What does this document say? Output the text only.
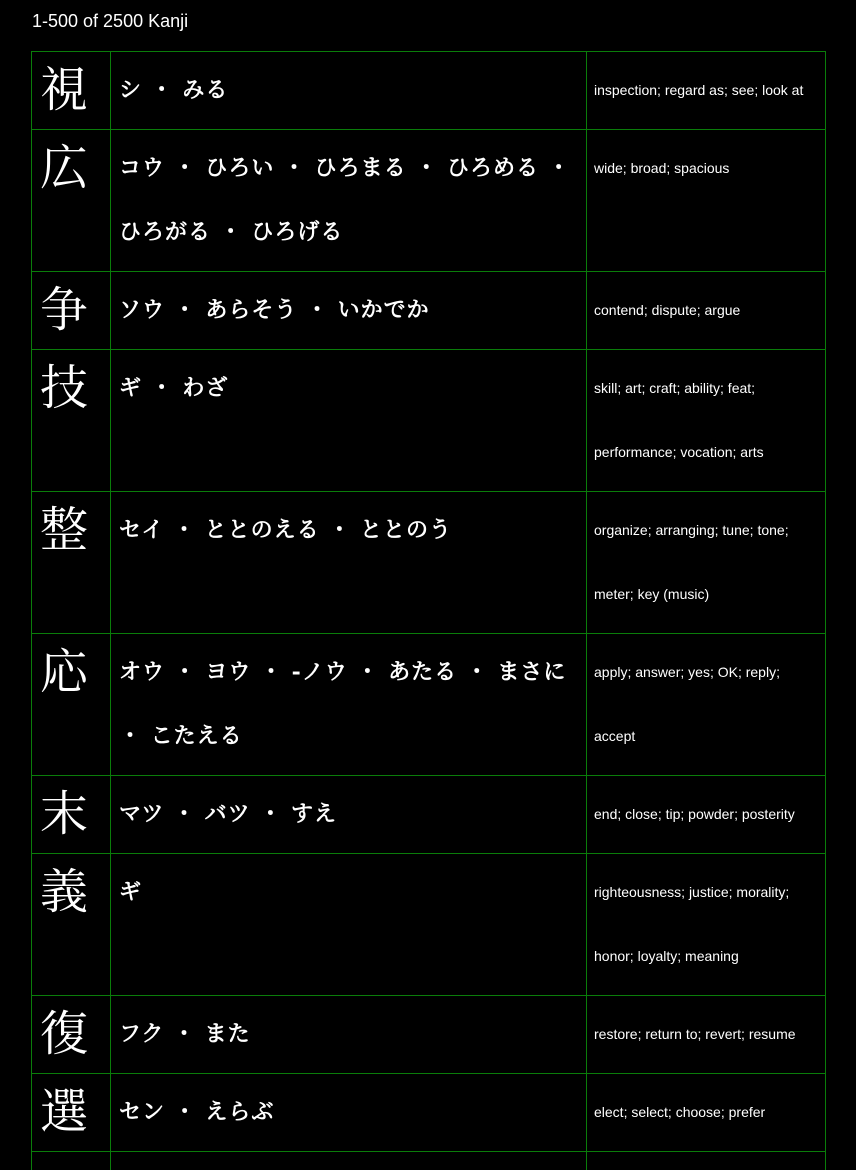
1-500 of 2500 Kanji
視	シ ・ みる	inspection; regard as; see; look at

広	コウ ・ ひろい ・ ひろまる ・ ひろめる ・ ひろがる ・ ひろげる	wide; broad; spacious

争	ソウ ・ あらそう ・ いかでか	contend; dispute; argue

技	ギ ・ わざ	skill; art; craft; ability; feat; performance; vocation; arts

整	セイ ・ ととのえる ・ ととのう	organize; arranging; tune; tone; meter; key (music)

応	オウ ・ ヨウ ・ -ノウ ・ あたる ・ まさに ・ こたえる	apply; answer; yes; OK; reply; accept

末	マツ ・ バツ ・ すえ	end; close; tip; powder; posterity

義	ギ	righteousness; justice; morality; honor; loyalty; meaning

復	フク ・ また	restore; return to; revert; resume

選	セン ・ えらぶ	elect; select; choose; prefer
